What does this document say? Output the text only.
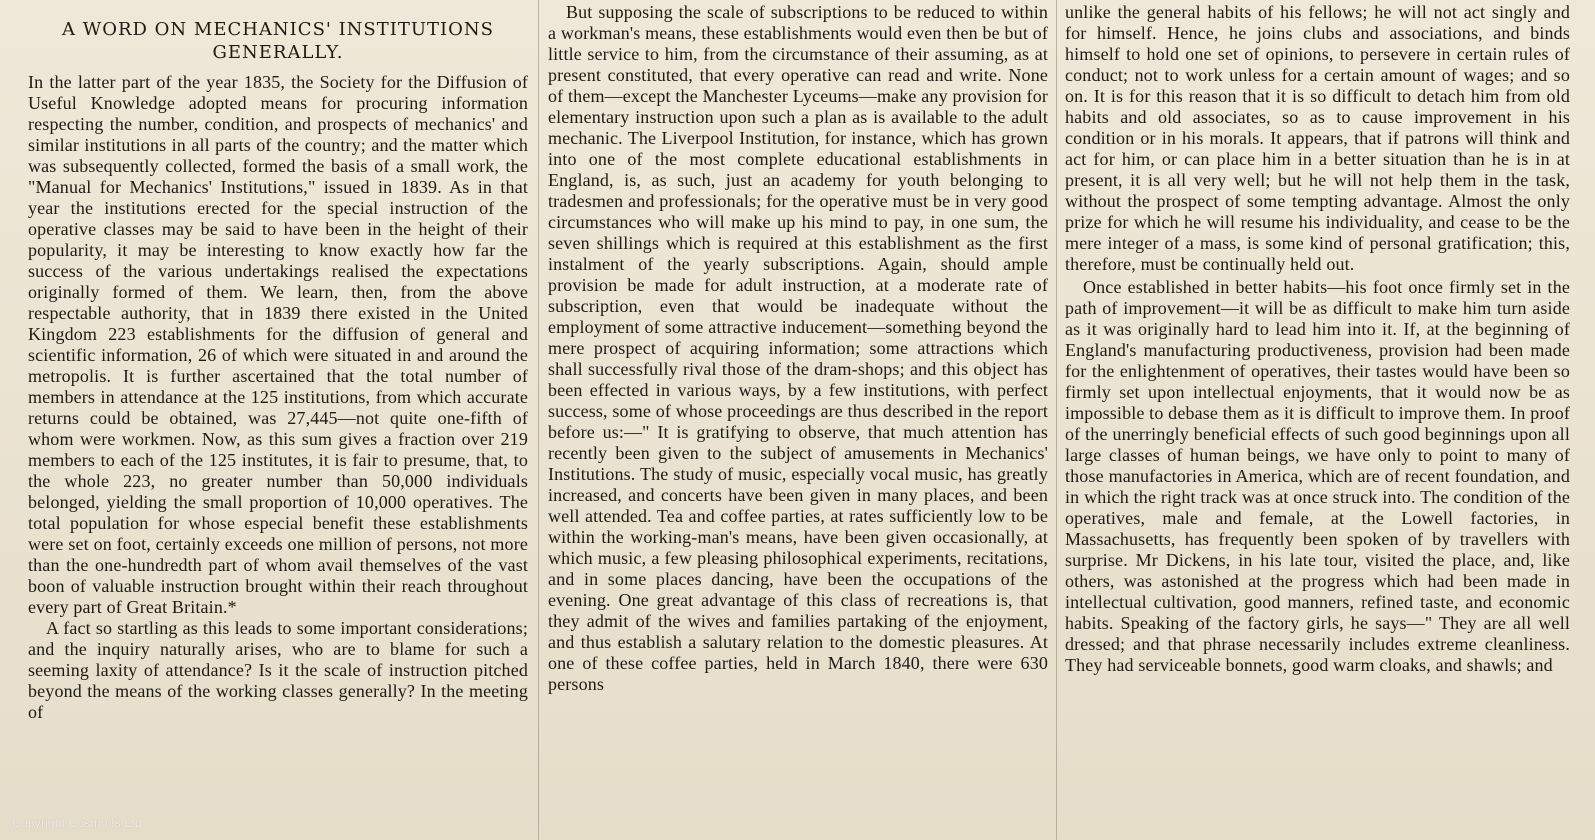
A WORD ON MECHANICS' INSTITUTIONS
GENERALLY.

In the latter part of the year 1835, the Society for the Diffusion of Useful Knowledge adopted means for procuring information respecting the number, condition, and prospects of mechanics' and similar institutions in all parts of the country; and the matter which was subsequently collected, formed the basis of a small work, the "Manual for Mechanics' Institutions," issued in 1839. As in that year the institutions erected for the special instruction of the operative classes may be said to have been in the height of their popularity, it may be interesting to know exactly how far the success of the various undertakings realised the expectations originally formed of them. We learn, then, from the above respectable authority, that in 1839 there existed in the United Kingdom 223 establishments for the diffusion of general and scientific information, 26 of which were situated in and around the metropolis. It is further ascertained that the total number of members in attendance at the 125 institutions, from which accurate returns could be obtained, was 27,445—not quite one-fifth of whom were workmen. Now, as this sum gives a fraction over 219 members to each of the 125 institutes, it is fair to presume, that, to the whole 223, no greater number than 50,000 individuals belonged, yielding the small proportion of 10,000 operatives. The total population for whose especial benefit these establishments were set on foot, certainly exceeds one million of persons, not more than the one-hundredth part of whom avail themselves of the vast boon of valuable instruction brought within their reach throughout every part of Great Britain.*

A fact so startling as this leads to some important considerations; and the inquiry naturally arises, who are to blame for such a seeming laxity of attendance? Is it the scale of instruction pitched beyond the means of the working classes generally? In the meeting of

But supposing the scale of subscriptions to be reduced to within a workman's means, these establishments would even then be but of little service to him, from the circumstance of their assuming, as at present constituted, that every operative can read and write. None of them—except the Manchester Lyceums—make any provision for elementary instruction upon such a plan as is available to the adult mechanic. The Liverpool Institution, for instance, which has grown into one of the most complete educational establishments in England, is, as such, just an academy for youth belonging to tradesmen and professionals; for the operative must be in very good circumstances who will make up his mind to pay, in one sum, the seven shillings which is required at this establishment as the first instalment of the yearly subscriptions. Again, should ample provision be made for adult instruction, at a moderate rate of subscription, even that would be inadequate without the employment of some attractive inducement—something beyond the mere prospect of acquiring information; some attractions which shall successfully rival those of the dram-shops; and this object has been effected in various ways, by a few institutions, with perfect success, some of whose proceedings are thus described in the report before us:—" It is gratifying to observe, that much attention has recently been given to the subject of amusements in Mechanics' Institutions. The study of music, especially vocal music, has greatly increased, and concerts have been given in many places, and been well attended. Tea and coffee parties, at rates sufficiently low to be within the working-man's means, have been given occasionally, at which music, a few pleasing philosophical experiments, recitations, and in some places dancing, have been the occupations of the evening. One great advantage of this class of recreations is, that they admit of the wives and families partaking of the enjoyment, and thus establish a salutary relation to the domestic pleasures. At one of these coffee parties, held in March 1840, there were 630 persons

unlike the general habits of his fellows; he will not act singly and for himself. Hence, he joins clubs and associations, and binds himself to hold one set of opinions, to persevere in certain rules of conduct; not to work unless for a certain amount of wages; and so on. It is for this reason that it is so difficult to detach him from old habits and old associates, so as to cause improvement in his condition or in his morals. It appears, that if patrons will think and act for him, or can place him in a better situation than he is in at present, it is all very well; but he will not help them in the task, without the prospect of some tempting advantage. Almost the only prize for which he will resume his individuality, and cease to be the mere integer of a mass, is some kind of personal gratification; this, therefore, must be continually held out.

Once established in better habits—his foot once firmly set in the path of improvement—it will be as difficult to make him turn aside as it was originally hard to lead him into it. If, at the beginning of England's manufacturing productiveness, provision had been made for the enlightenment of operatives, their tastes would have been so firmly set upon intellectual enjoyments, that it would now be as impossible to debase them as it is difficult to improve them. In proof of the unerringly beneficial effects of such good beginnings upon all large classes of human beings, we have only to point to many of those manufactories in America, which are of recent foundation, and in which the right track was at once struck into. The condition of the operatives, male and female, at the Lowell factories, in Massachusetts, has frequently been spoken of by travellers with surprise. Mr Dickens, in his late tour, visited the place, and, like others, was astonished at the progress which had been made in intellectual cultivation, good manners, refined taste, and economic habits. Speaking of the factory girls, he says—" They are all well dressed; and that phrase necessarily includes extreme cleanliness. They had serviceable bonnets, good warm cloaks, and shawls; and

Copyright Cosmo Is Ltd
